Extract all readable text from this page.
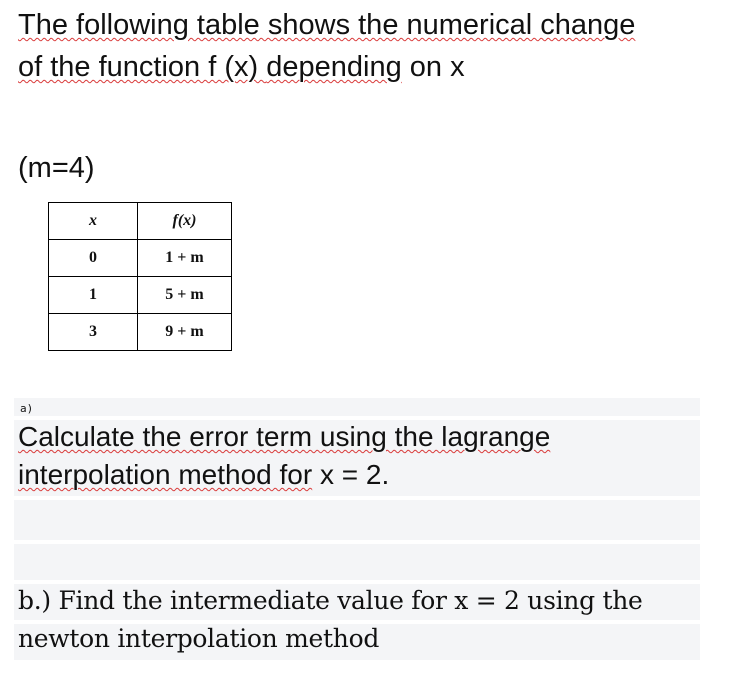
The following table shows the numerical change
of the function f (x) depending on x
(m=4)
x	f(x)
0	1 + m
1	5 + m
3	9 + m
a)
Calculate the error term using the lagrange
interpolation method for x = 2.
b.) Find the intermediate value for x = 2 using the
newton interpolation method
